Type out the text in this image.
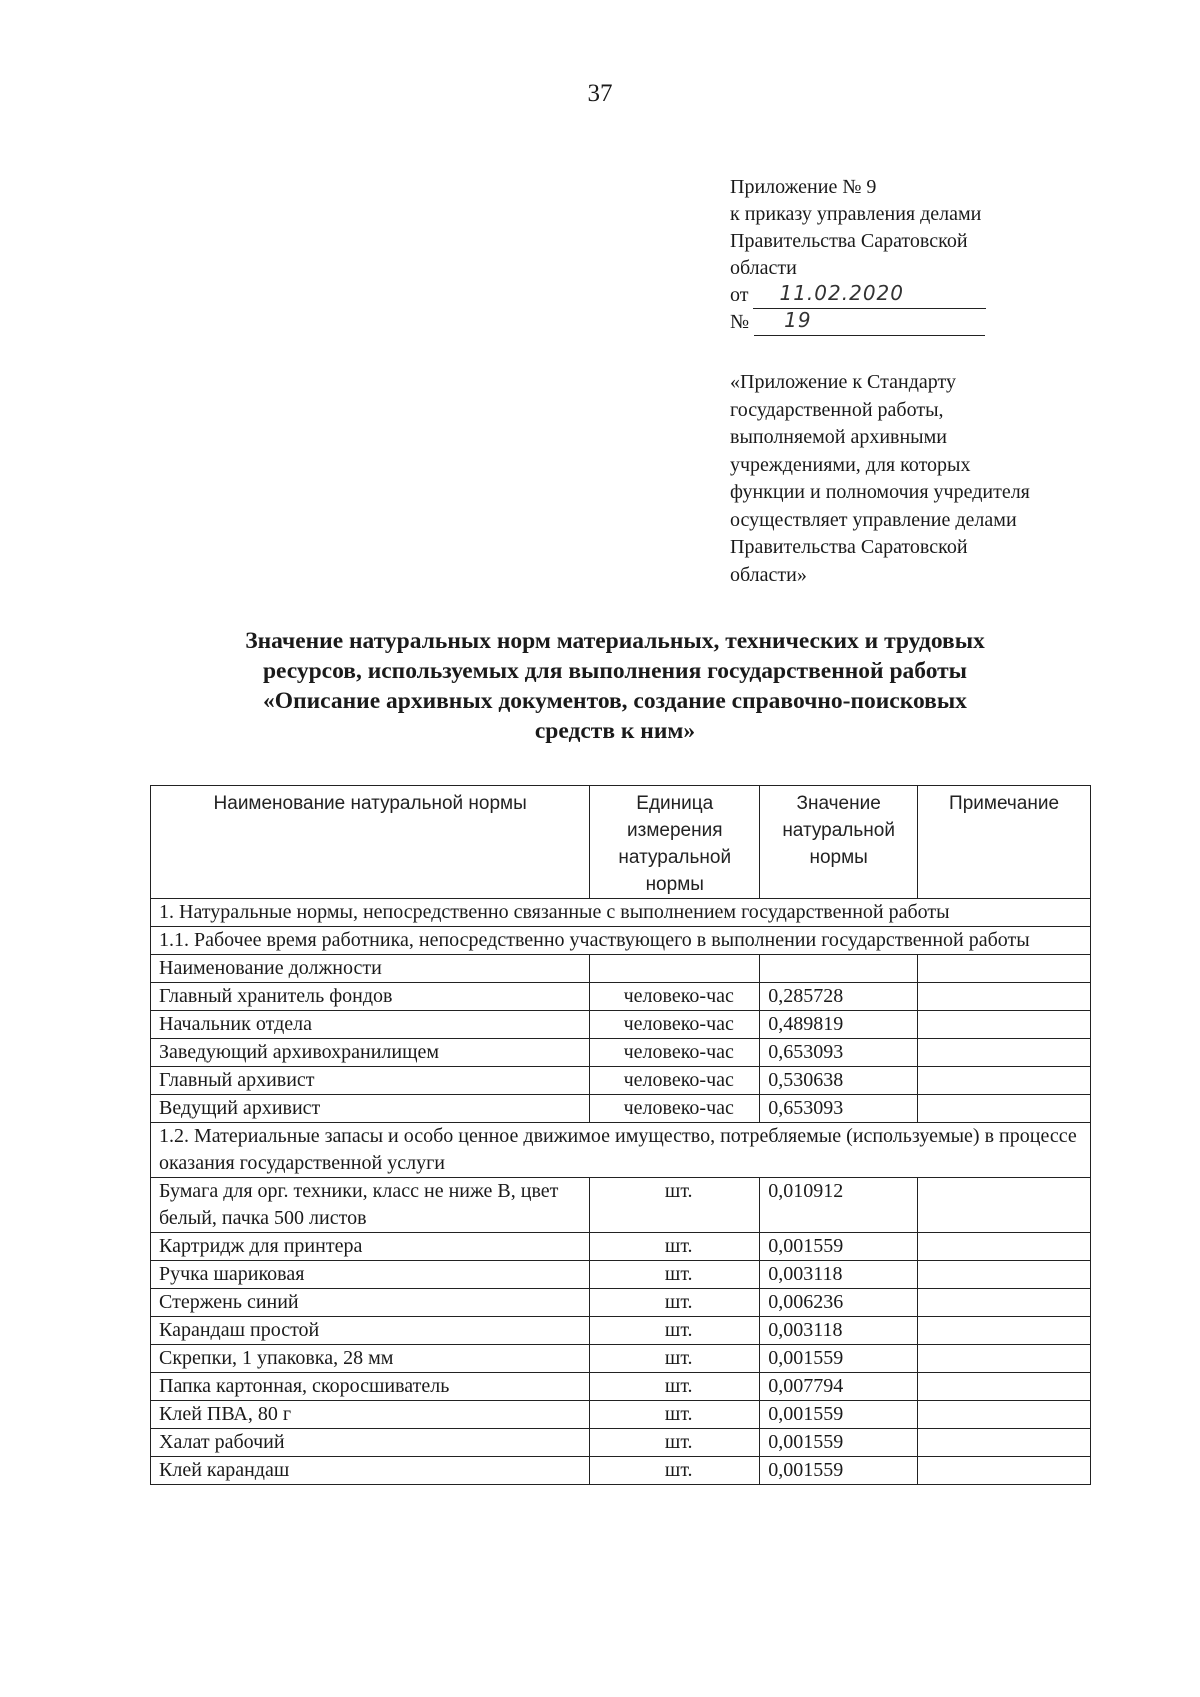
37
Приложение № 9
к приказу управления делами
Правительства Саратовской
области
от 11.02.2020
№ 19
«Приложение к Стандарту
государственной работы,
выполняемой архивными
учреждениями, для которых
функции и полномочия учредителя
осуществляет управление делами
Правительства Саратовской
области»
Значение натуральных норм материальных, технических и трудовых
ресурсов, используемых для выполнения государственной работы
«Описание архивных документов, создание справочно-поисковых
средств к ним»
Наименование натуральной нормы	Единица измерения натуральной нормы	Значение натуральной нормы	Примечание
1. Натуральные нормы, непосредственно связанные с выполнением государственной работы			
1.1. Рабочее время работника, непосредственно участвующего в выполнении государственной работы			
Наименование должности			
Главный хранитель фондов	человеко-час	0,285728	
Начальник отдела	человеко-час	0,489819	
Заведующий архивохранилищем	человеко-час	0,653093	
Главный архивист	человеко-час	0,530638	
Ведущий архивист	человеко-час	0,653093	
1.2. Материальные запасы и особо ценное движимое имущество, потребляемые (используемые) в процессе оказания государственной услуги			
Бумага для орг. техники, класс не ниже В, цвет белый, пачка 500 листов	шт.	0,010912	
Картридж для принтера	шт.	0,001559	
Ручка шариковая	шт.	0,003118	
Стержень синий	шт.	0,006236	
Карандаш простой	шт.	0,003118	
Скрепки, 1 упаковка, 28 мм	шт.	0,001559	
Папка картонная, скоросшиватель	шт.	0,007794	
Клей ПВА, 80 г	шт.	0,001559	
Халат рабочий	шт.	0,001559	
Клей карандаш	шт.	0,001559	
